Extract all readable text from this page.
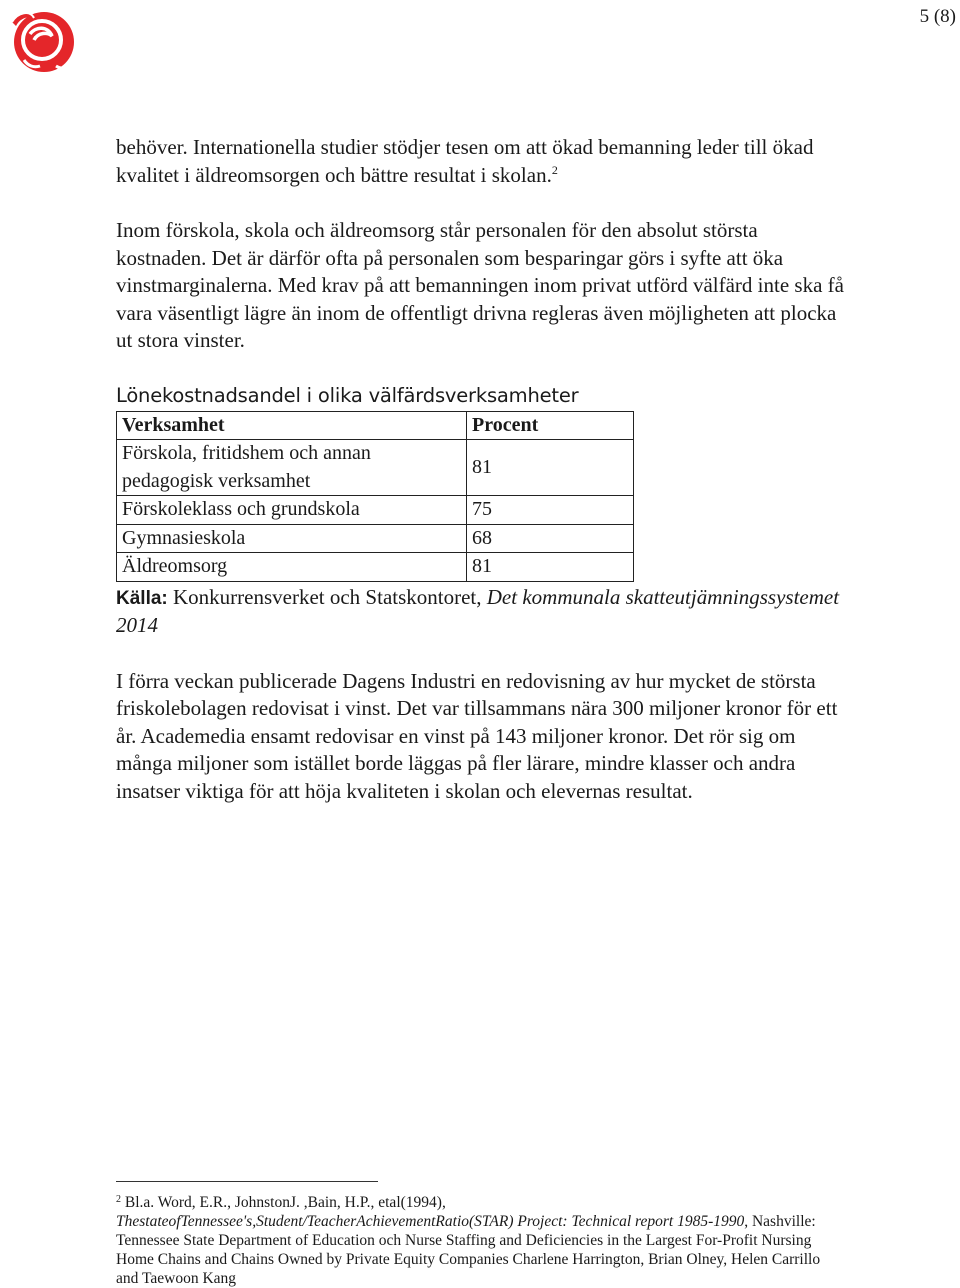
5 (8)

behöver. Internationella studier stödjer tesen om att ökad bemanning leder till ökad kvalitet i äldreomsorgen och bättre resultat i skolan.$^2$

Inom förskola, skola och äldreomsorg står personalen för den absolut största kostnaden. Det är därför ofta på personalen som besparingar görs i syfte att öka vinstmarginalerna. Med krav på att bemanningen inom privat utförd välfärd inte ska få vara väsentligt lägre än inom de offentligt drivna regleras även möjligheten att plocka ut stora vinster.

Lönekostnadsandel i olika välfärdsverksamheter

Verksamhet	Procent
Förskola, fritidshem och annan
pedagogisk verksamhet	81
Förskoleklass och grundskola	75
Gymnasieskola	68
Äldreomsorg	81

Källa: Konkurrensverket och Statskontoret, Det kommunala skatteutjämningssystemet 2014

I förra veckan publicerade Dagens Industri en redovisning av hur mycket de största friskolebolagen redovisat i vinst. Det var tillsammans nära 300 miljoner kronor för ett år. Academedia ensamt redovisar en vinst på 143 miljoner kronor. Det rör sig om många miljoner som istället borde läggas på fler lärare, mindre klasser och andra insatser viktiga för att höja kvaliteten i skolan och elevernas resultat.

$^2$ Bl.a. Word, E.R., JohnstonJ. ,Bain, H.P., etal(1994), ThestateofTennessee's,Student/TeacherAchievementRatio(STAR) Project: Technical report 1985-1990, Nashville: Tennessee State Department of Education och Nurse Staffing and Deficiencies in the Largest For-Profit Nursing Home Chains and Chains Owned by Private Equity Companies Charlene Harrington, Brian Olney, Helen Carrillo and Taewoon Kang
